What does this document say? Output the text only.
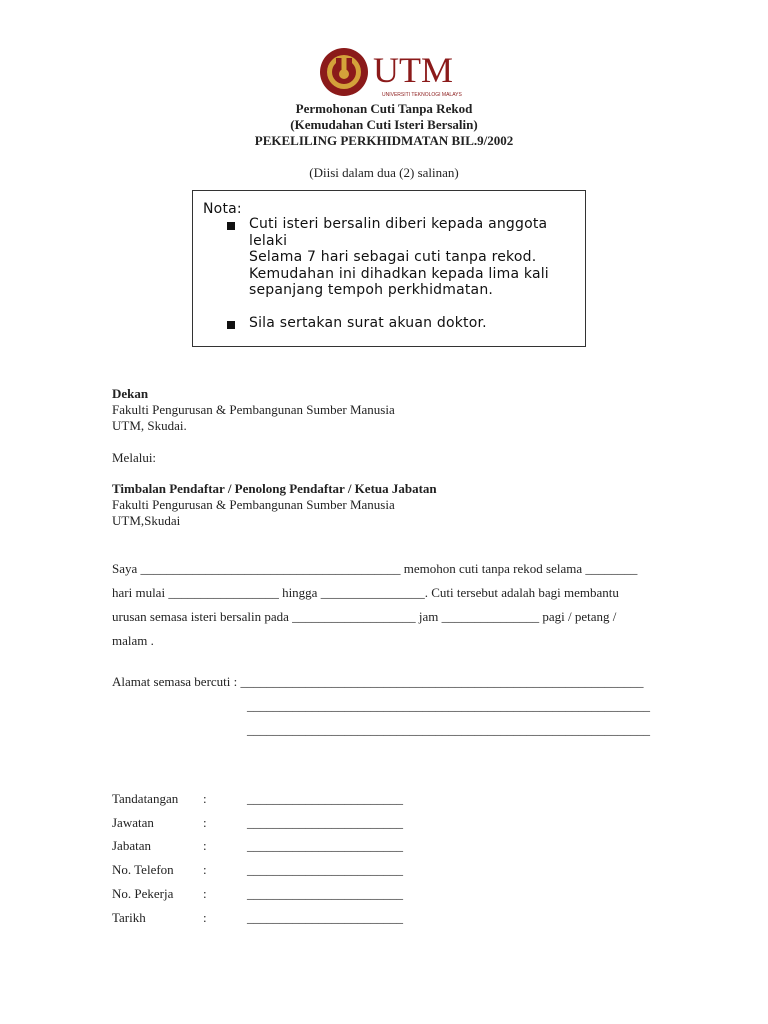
UTM
UNIVERSITI TEKNOLOGI MALAYSIA
Permohonan Cuti Tanpa Rekod
(Kemudahan Cuti Isteri Bersalin)
PEKELILING PERKHIDMATAN BIL.9/2002
(Diisi dalam dua (2) salinan)
Nota:
Cuti isteri bersalin diberi kepada anggota
lelaki
Selama 7 hari sebagai cuti tanpa rekod.
Kemudahan ini dihadkan kepada lima kali
sepanjang tempoh perkhidmatan.
Sila sertakan surat akuan doktor.
Dekan
Fakulti Pengurusan & Pembangunan Sumber Manusia
UTM, Skudai.
Melalui:
Timbalan Pendaftar / Penolong Pendaftar / Ketua Jabatan
Fakulti Pengurusan & Pembangunan Sumber Manusia
UTM,Skudai
Saya ________________________________________ memohon cuti tanpa rekod selama ________
hari mulai _________________ hingga ________________. Cuti tersebut adalah bagi membantu
urusan semasa isteri bersalin pada ___________________ jam _______________ pagi / petang /
malam .
Alamat semasa bercuti : ______________________________________________________________
______________________________________________________________
______________________________________________________________
Tandatangan :	________________________
Jawatan	:	________________________
Jabatan	:	________________________
No. Telefon :	________________________
No. Pekerja :	________________________
Tarikh	:	________________________
